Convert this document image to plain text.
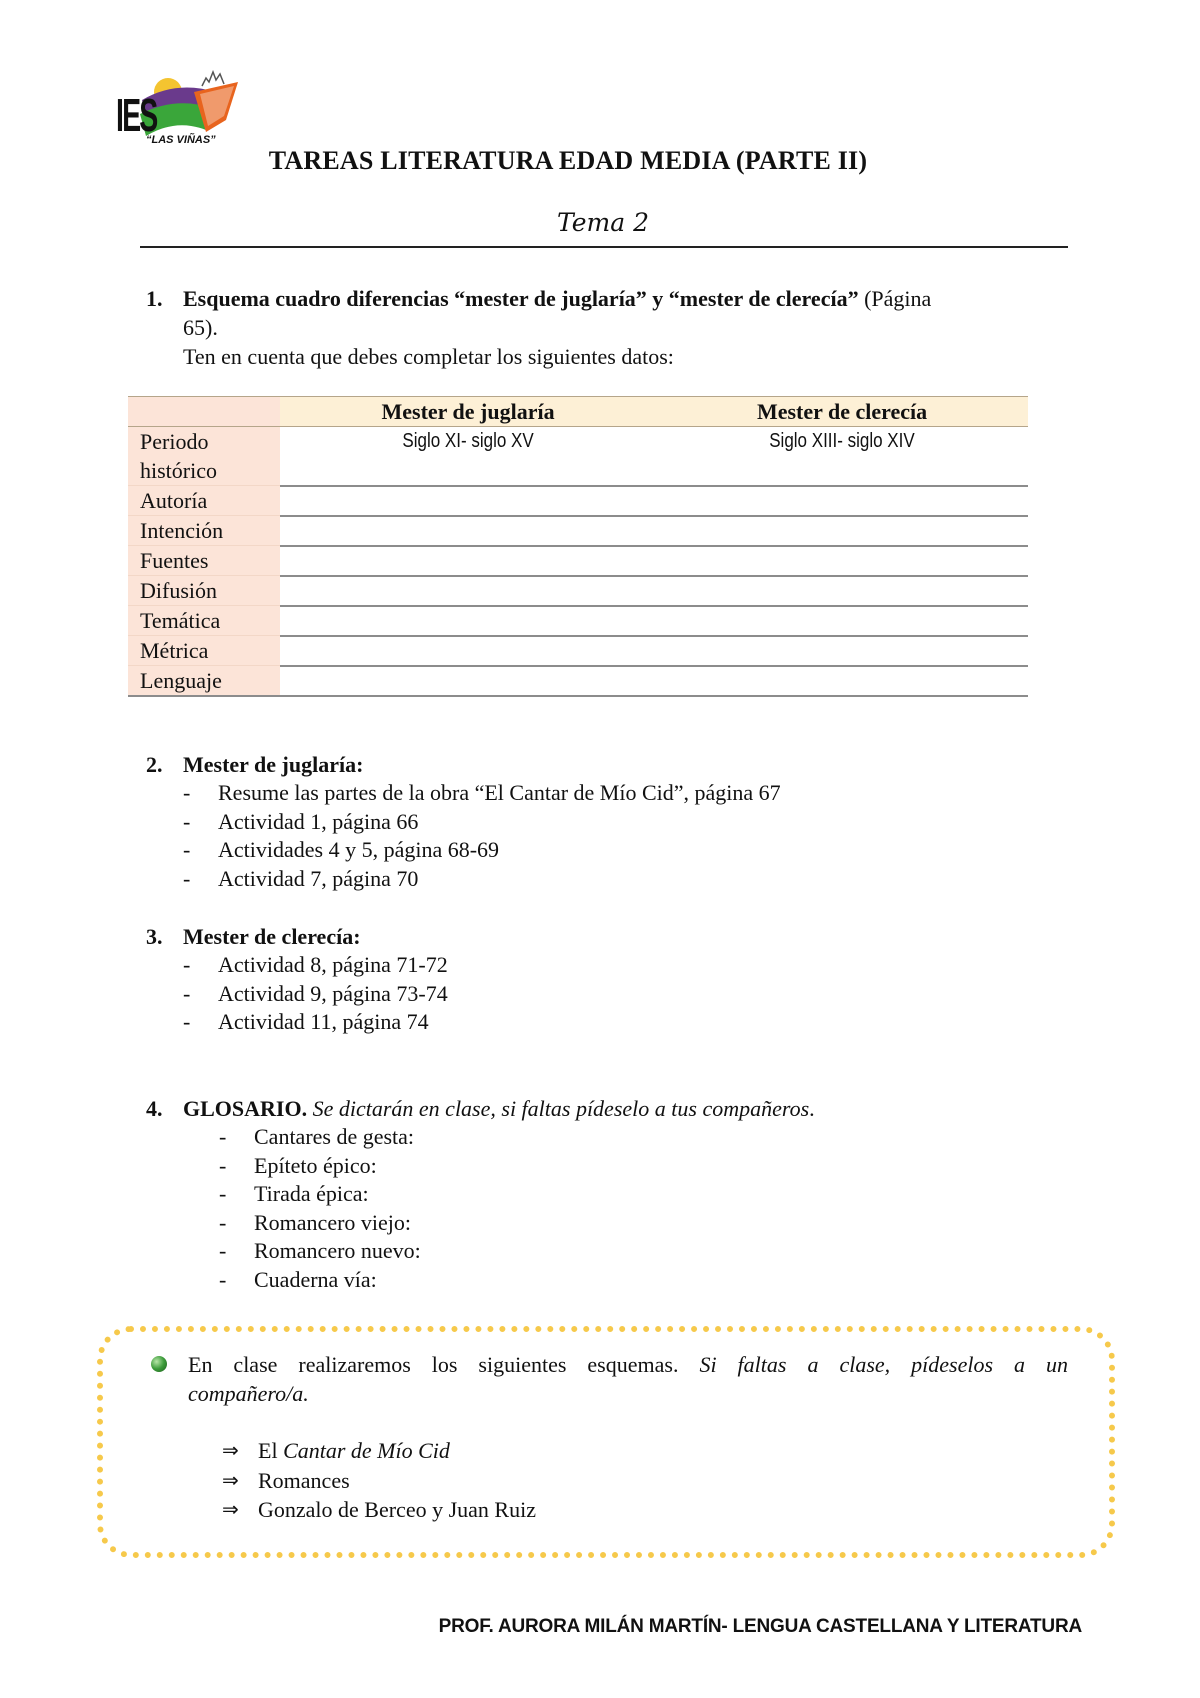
IES
“LAS VIÑAS”
TAREAS LITERATURA EDAD MEDIA (PARTE II)
Tema 2
1. Esquema cuadro diferencias “mester de juglaría” y “mester de clerecía” (Página
65).
Ten en cuenta que debes completar los siguientes datos:
	Mester de juglaría	Mester de clerecía

Periodo
histórico	Siglo XI- siglo XV	Siglo XIII- siglo XIV
Autoría		
Intención		
Fuentes		
Difusión		
Temática		
Métrica		
Lenguaje		
2. Mester de juglaría:
- Resume las partes de la obra “El Cantar de Mío Cid”, página 67
- Actividad 1, página 66
- Actividades 4 y 5, página 68-69
- Actividad 7, página 70
3. Mester de clerecía:
- Actividad 8, página 71-72
- Actividad 9, página 73-74
- Actividad 11, página 74
4. GLOSARIO. Se dictarán en clase, si faltas pídeselo a tus compañeros.
- Cantares de gesta:
- Epíteto épico:
- Tirada épica:
- Romancero viejo:
- Romancero nuevo:
- Cuaderna vía:
En clase realizaremos los siguientes esquemas. Si faltas a clase, pídeselos a un
compañero/a.
⇒ El Cantar de Mío Cid
⇒ Romances
⇒ Gonzalo de Berceo y Juan Ruiz
PROF. AURORA MILÁN MARTÍN- LENGUA CASTELLANA Y LITERATURA
